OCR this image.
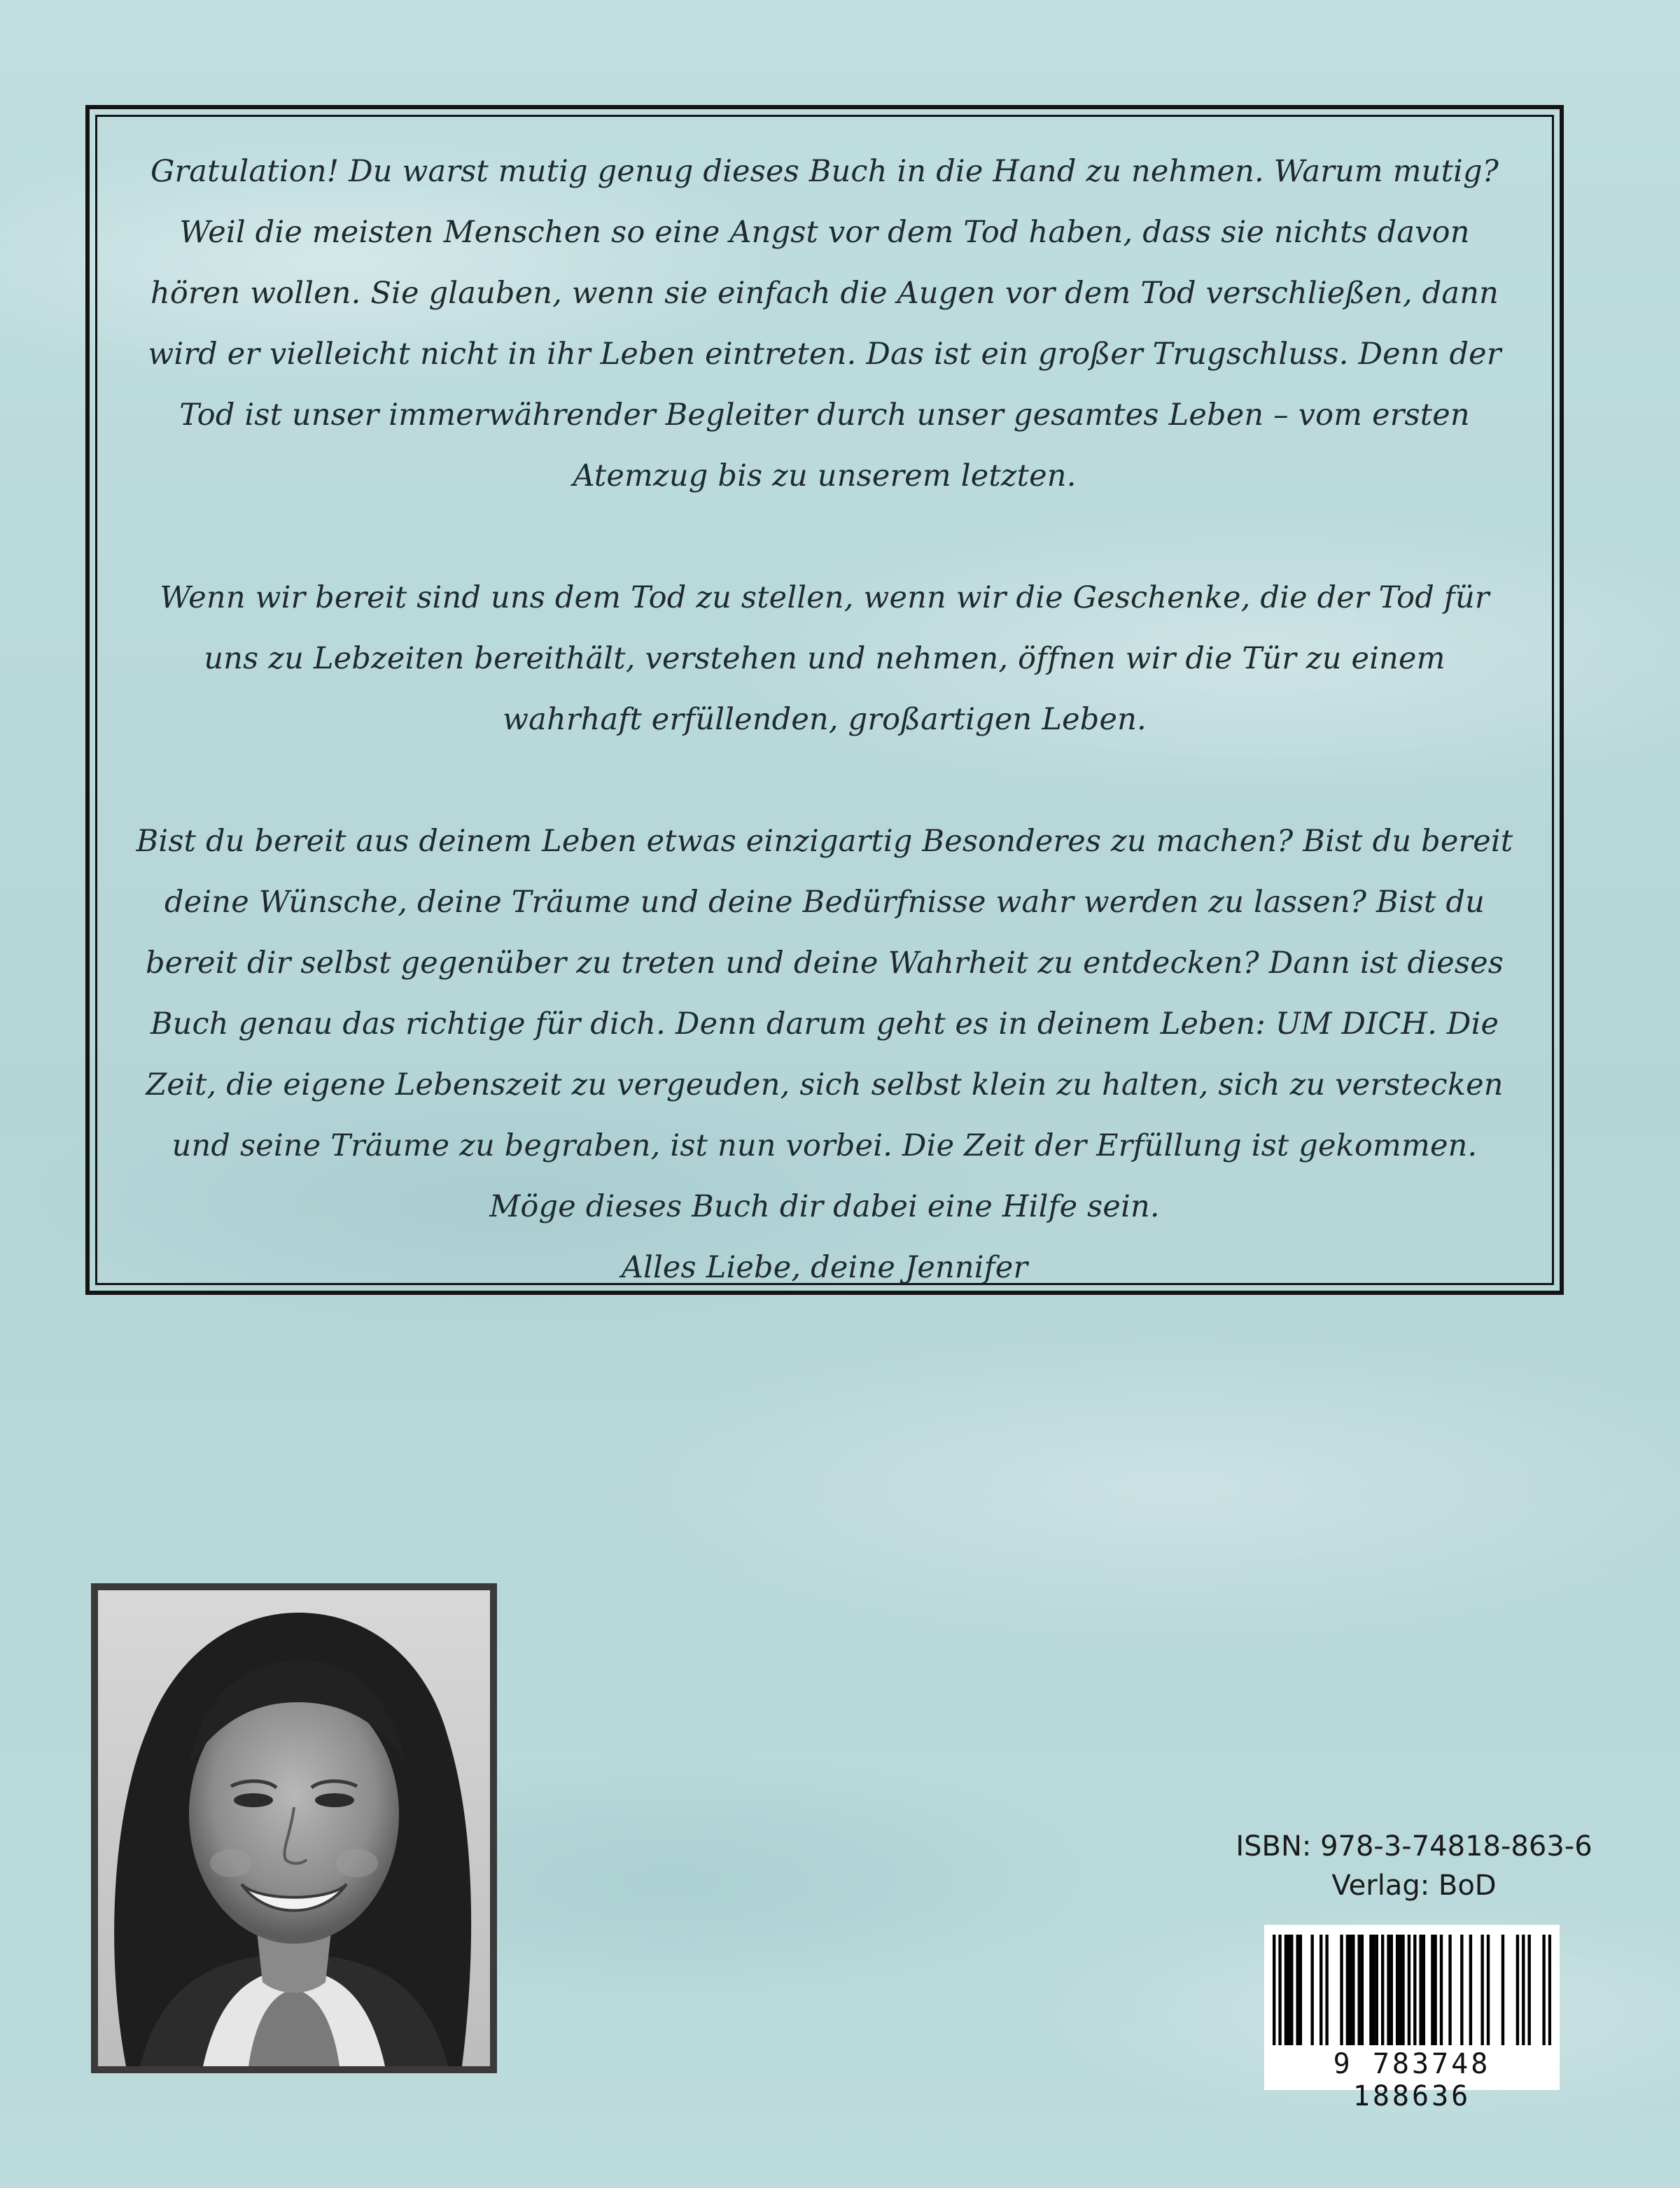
Gratulation! Du warst mutig genug dieses Buch in die Hand zu nehmen. Warum mutig? Weil die meisten Menschen so eine Angst vor dem Tod haben, dass sie nichts davon hören wollen. Sie glauben, wenn sie einfach die Augen vor dem Tod verschließen, dann wird er vielleicht nicht in ihr Leben eintreten. Das ist ein großer Trugschluss. Denn der Tod ist unser immerwährender Begleiter durch unser gesamtes Leben – vom ersten Atemzug bis zu unserem letzten.

Wenn wir bereit sind uns dem Tod zu stellen, wenn wir die Geschenke, die der Tod für uns zu Lebzeiten bereithält, verstehen und nehmen, öffnen wir die Tür zu einem wahrhaft erfüllenden, großartigen Leben.

Bist du bereit aus deinem Leben etwas einzigartig Besonderes zu machen? Bist du bereit deine Wünsche, deine Träume und deine Bedürfnisse wahr werden zu lassen? Bist du bereit dir selbst gegenüber zu treten und deine Wahrheit zu entdecken? Dann ist dieses Buch genau das richtige für dich. Denn darum geht es in deinem Leben: UM DICH. Die Zeit, die eigene Lebenszeit zu vergeuden, sich selbst klein zu halten, sich zu verstecken und seine Träume zu begraben, ist nun vorbei. Die Zeit der Erfüllung ist gekommen. Möge dieses Buch dir dabei eine Hilfe sein.
Alles Liebe, deine Jennifer

ISBN: 978-3-74818-863-6
Verlag: BoD
9 783748 188636
